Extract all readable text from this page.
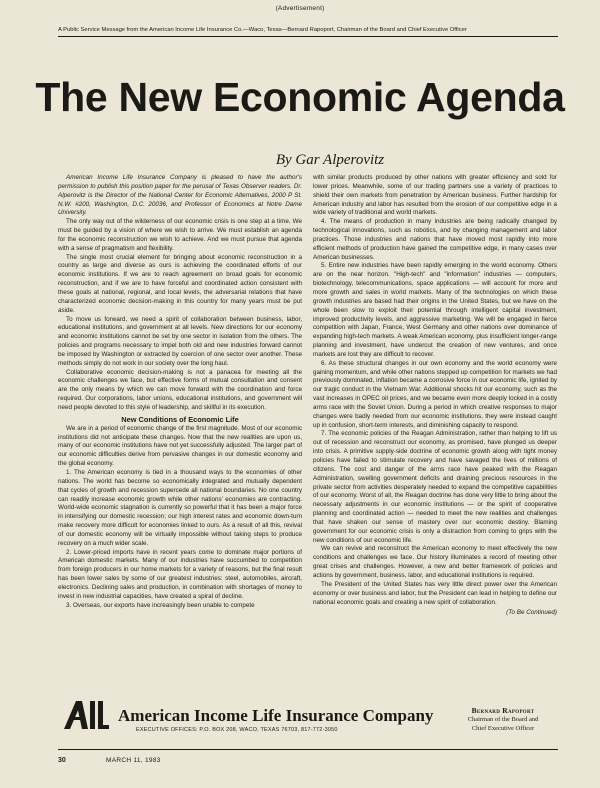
(Advertisement)
A Public Service Message from the American Income Life Insurance Co.—Waco, Texas—Bernard Rapoport, Chairman of the Board and Chief Executive Officer
The New Economic Agenda
By Gar Alperovitz

American Income Life Insurance Company is pleased to have the author's permission to publish this position paper for the perusal of Texas Observer readers. Dr. Alperovitz is the Director of the National Center for Economic Alternatives, 2000 P St. N.W. #200, Washington, D.C. 20036, and Professor of Economics at Notre Dame University.

The only way out of the wilderness of our economic crisis is one step at a time. We must be guided by a vision of where we wish to arrive. We must establish an agenda for the economic reconstruction we wish to achieve. And we must pursue that agenda with a sense of pragmatism and flexibility.

The single most crucial element for bringing about economic reconstruction in a country as large and diverse as ours is achieving the coordinated efforts of our economic institutions. If we are to reach agreement on broad goals for economic reconstruction, and if we are to have forceful and coordinated action consistent with these goals at national, regional, and local levels, the adversarial relations that have characterized economic decision-making in this country for many years must be put aside.

To move us forward, we need a spirit of collaboration between business, labor, educational institutions, and government at all levels. New directions for our economy and economic institutions cannot be set by one sector in isolation from the others. The policies and programs necessary to impel both old and new industries forward cannot be imposed by Washington or extracted by coercion of one sector over another. These methods simply do not work in our society over the long haul.

Collaborative economic decision-making is not a panacea for meeting all the economic challenges we face, but effective forms of mutual consultation and consent are the only means by which we can move forward with the coordination and force required. Our corporations, labor unions, educational institutions, and government will need people devoted to this style of leadership, and skillful in its execution.

New Conditions of Economic Life

We are in a period of economic change of the first magnitude. Most of our economic institutions did not anticipate these changes. Now that the new realities are upon us, many of our economic institutions have not yet successfully adjusted. The larger part of our economic difficulties derive from pervasive changes in our domestic economy and the global economy.

1. The American economy is tied in a thousand ways to the economies of other nations. The world has become so economically integrated and mutually dependent that cycles of growth and recession supercede all national boundaries. No one country can readily increase economic growth while other nations' economies are contracting. World-wide economic stagnation is currently so powerful that it has been a major force in intensifying our domestic recession; our high interest rates and economic down-turn make recovery more difficult for economies linked to ours. As a result of all this, revival of our domestic economy will be virtually impossible without taking steps to produce recovery on a much wider scale.

2. Lower-priced imports have in recent years come to dominate major portions of American domestic markets. Many of our industries have succumbed to competition from foreign producers in our home markets for a variety of reasons, but the final result has been lower sales by some of our greatest industries: steel, automobiles, aircraft, electronics. Declining sales and production, in combination with shortages of money to invest in new industrial capacities, have created a spiral of decline.

3. Overseas, our exports have increasingly been unable to compete

with similar products produced by other nations with greater efficiency and sold for lower prices. Meanwhile, some of our trading partners use a variety of practices to shield their own markets from penetration by American business. Further hardship for American industry and labor has resulted from the erosion of our competitive edge in a wide variety of traditional and world markets.

4. The means of production in many industries are being radically changed by technological innovations, such as robotics, and by changing management and labor practices. Those industries and nations that have moved most rapidly into more efficient methods of production have gained the competitive edge, in many cases over American businesses.

5. Entire new industries have been rapidly emerging in the world economy. Others are on the near horizon. "High-tech" and "information" industries — computers, biotechnology, telecommunications, space applications — will account for more and more growth and sales in world markets. Many of the technologies on which these growth industries are based had their origins in the United States, but we have on the whole been slow to exploit their potential through intelligent capital investment, improved productivity levels, and aggressive marketing. We will be engaged in fierce competition with Japan, France, West Germany and other nations over dominance of expanding high-tech markets. A weak American economy, plus insufficient longer-range planning and investment, have undercut the creation of new ventures, and once markets are lost they are difficult to recover.

6. As these structural changes in our own economy and the world economy were gaining momentum, and while other nations stepped up competition for markets we had previously dominated, inflation became a corrosive force in our economic life, ignited by our tragic conduct in the Vietnam War. Additional shocks hit our economy, such as the vast increases in OPEC oil prices, and we became even more deeply locked in a costly arms race with the Soviet Union. During a period in which creative responses to major changes were badly needed from our economic institutions, they were instead caught up in confusion, short-term interests, and diminishing capacity to respond.

7. The economic policies of the Reagan Administration, rather than helping to lift us out of recession and reconstruct our economy, as promised, have plunged us deeper into crisis. A primitive supply-side doctrine of economic growth along with tight money policies have failed to stimulate recovery and have savaged the lives of millions of citizens. The cost and danger of the arms race have peaked with the Reagan Administration, swelling government deficits and draining precious resources in the private sector from activities desperately needed to expand the competitive capabilities of our economy. Worst of all, the Reagan doctrine has done very little to bring about the necessary adjustments in our economic institutions — or the spirit of cooperative planning and coordinated action — needed to meet the new realities and challenges that have shaken our sense of mastery over our economic destiny. Blaming government for our economic crisis is only a distraction from coming to grips with the new conditions of our economic life.

We can revive and reconstruct the American economy to meet effectively the new conditions and challenges we face. Our history illuminates a record of meeting other great crises and challenges. However, a new and better framework of policies and actions by government, business, labor, and educational institutions is required.

The President of the United States has very little direct power over the American economy or over business and labor, but the President can lead in helping to define our national economic goals and creating a new spirit of collaboration.

(To Be Continued)

AIL
American Income Life Insurance Company
EXECUTIVE OFFICES: P.O. BOX 208, WACO, TEXAS 76703, 817-772-3050
Bernard Rapoport
Chairman of the Board and
Chief Executive Officer
30	MARCH 11, 1983
